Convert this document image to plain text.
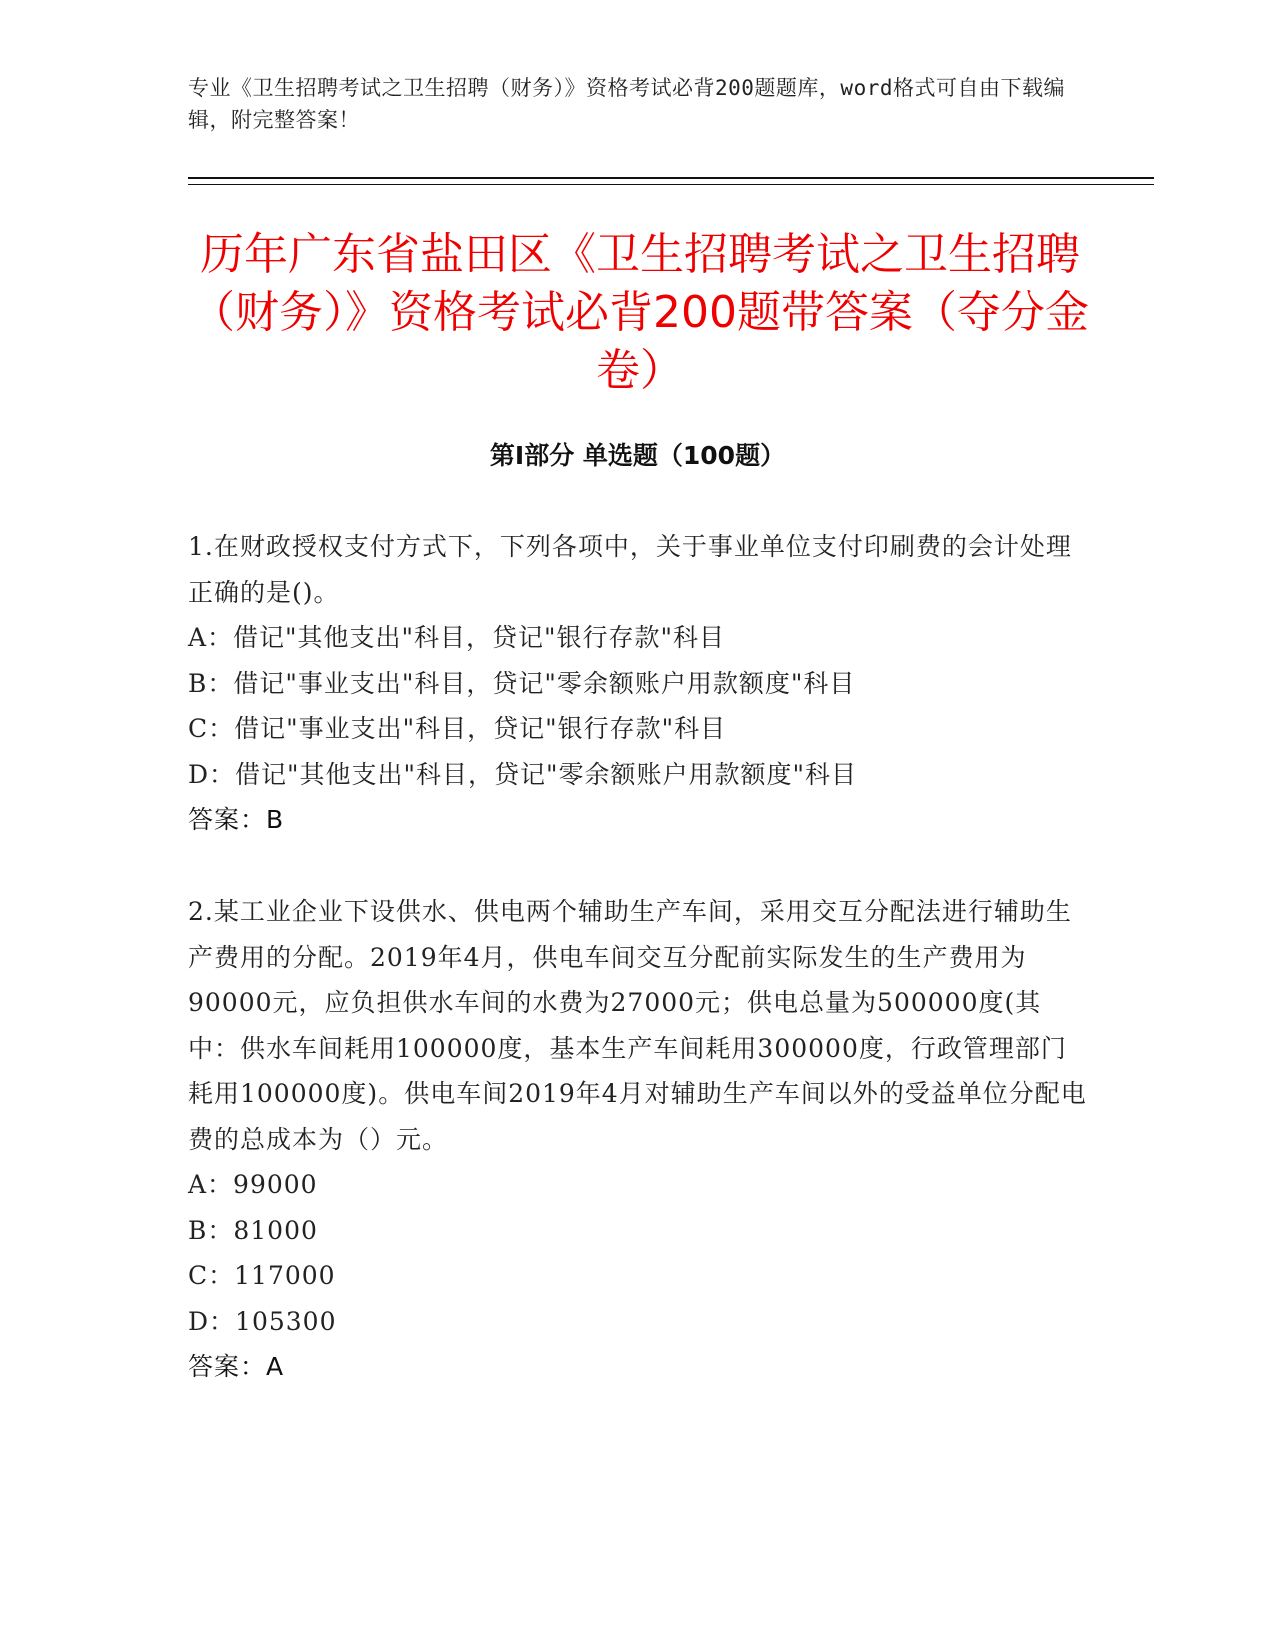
专业《卫生招聘考试之卫生招聘（财务）》资格考试必背200题题库，word格式可自由下载编辑，附完整答案！
历年广东省盐田区《卫生招聘考试之卫生招聘（财务）》资格考试必背200题带答案（夺分金卷）
第I部分 单选题（100题）

1.在财政授权支付方式下，下列各项中，关于事业单位支付印刷费的会计处理正确的是()。

A：借记"其他支出"科目，贷记"银行存款"科目

B：借记"事业支出"科目，贷记"零余额账户用款额度"科目

C：借记"事业支出"科目，贷记"银行存款"科目

D：借记"其他支出"科目，贷记"零余额账户用款额度"科目

答案：B

2.某工业企业下设供水、供电两个辅助生产车间，采用交互分配法进行辅助生产费用的分配。2019年4月，供电车间交互分配前实际发生的生产费用为90000元，应负担供水车间的水费为27000元；供电总量为500000度(其中：供水车间耗用100000度，基本生产车间耗用300000度，行政管理部门耗用100000度)。供电车间2019年4月对辅助生产车间以外的受益单位分配电费的总成本为（）元。

A：99000

B：81000

C：117000

D：105300

答案：A
